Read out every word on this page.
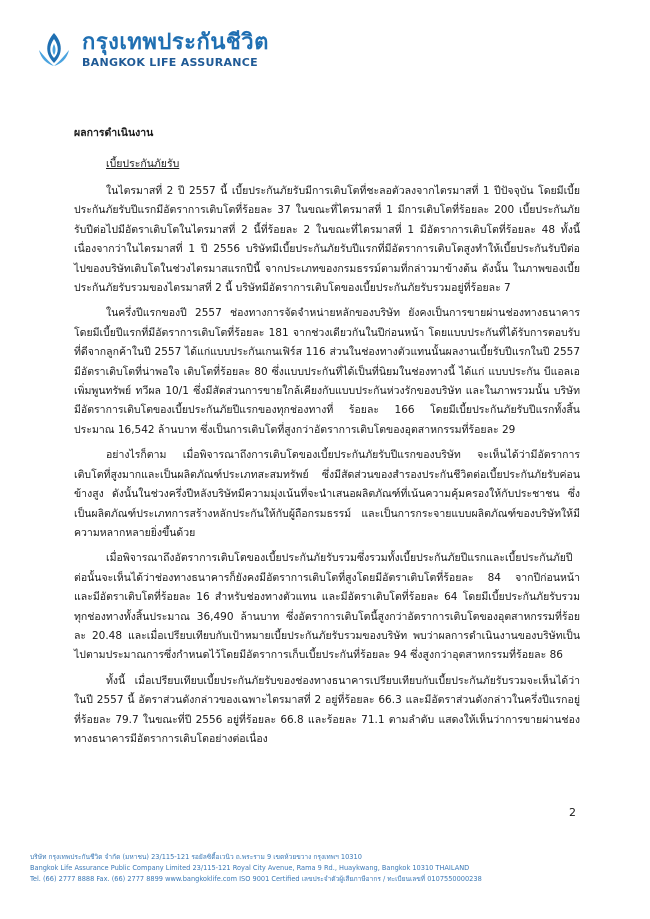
กรุงเทพประกันชีวิต
BANGKOK LIFE ASSURANCE
ผลการดำเนินงาน
เบี้ยประกันภัยรับ

ในไตรมาสที่ 2 ปี 2557 นี้ เบี้ยประกันภัยรับมีการเติบโตที่ชะลอตัวลงจากไตรมาสที่ 1 ปีปัจจุบัน โดยมีเบี้ยประกันภัยรับปีแรกมีอัตราการเติบโตที่ร้อยละ 37 ในขณะที่ไตรมาสที่ 1 มีการเติบโตที่ร้อยละ 200 เบี้ยประกันภัยรับปีต่อไปมีอัตราเติบโตในไตรมาสที่ 2 นี้ที่ร้อยละ 2 ในขณะที่ไตรมาสที่ 1 มีอัตราการเติบโตที่ร้อยละ 48 ทั้งนี้ เนื่องจากว่าในไตรมาสที่ 1 ปี 2556 บริษัทมีเบี้ยประกันภัยรับปีแรกที่มีอัตราการเติบโตสูงทำให้เบี้ยประกันรับปีต่อไปของบริษัทเติบโตในช่วงไตรมาสแรกปีนี้ จากประเภทของกรมธรรม์ตามที่กล่าวมาข้างต้น ดังนั้น ในภาพของเบี้ยประกันภัยรับรวมของไตรมาสที่ 2 นี้ บริษัทมีอัตราการเติบโตของเบี้ยประกันภัยรับรวมอยู่ที่ร้อยละ 7

ในครึ่งปีแรกของปี 2557 ช่องทางการจัดจำหน่ายหลักของบริษัท ยังคงเป็นการขายผ่านช่องทางธนาคารโดยมีเบี้ยปีแรกที่มีอัตราการเติบโตที่ร้อยละ 181 จากช่วงเดียวกันในปีก่อนหน้า โดยแบบประกันที่ได้รับการตอบรับที่ดีจากลูกค้าในปี 2557 ได้แก่แบบประกันเกนเฟิร์ส 116 ส่วนในช่องทางตัวแทนนั้นผลงานเบี้ยรับปีแรกในปี 2557 มีอัตราเติบโตที่น่าพอใจ เติบโตที่ร้อยละ 80 ซึ่งแบบประกันที่ได้เป็นที่นิยมในช่องทางนี้ ได้แก่ แบบประกัน บีแอลเอ เพิ่มพูนทรัพย์ ทวีผล 10/1 ซึ่งมีสัดส่วนการขายใกล้เคียงกับแบบประกันห่วงรักของบริษัท และในภาพรวมนั้น บริษัทมีอัตราการเติบโตของเบี้ยประกันภัยปีแรกของทุกช่องทางที่ ร้อยละ 166 โดยมีเบี้ยประกันภัยรับปีแรกทั้งสิ้นประมาณ 16,542 ล้านบาท ซึ่งเป็นการเติบโตที่สูงกว่าอัตราการเติบโตของอุตสาหกรรมที่ร้อยละ 29

อย่างไรก็ตาม เมื่อพิจารณาถึงการเติบโตของเบี้ยประกันภัยรับปีแรกของบริษัท จะเห็นได้ว่ามีอัตราการเติบโตที่สูงมากและเป็นผลิตภัณฑ์ประเภทสะสมทรัพย์ ซึ่งมีสัดส่วนของสำรองประกันชีวิตต่อเบี้ยประกันภัยรับค่อนข้างสูง ดังนั้นในช่วงครึ่งปีหลังบริษัทมีความมุ่งเน้นที่จะนำเสนอผลิตภัณฑ์ที่เน้นความคุ้มครองให้กับประชาชน ซึ่งเป็นผลิตภัณฑ์ประเภทการสร้างหลักประกันให้กับผู้ถือกรมธรรม์ และเป็นการกระจายแบบผลิตภัณฑ์ของบริษัทให้มีความหลากหลายยิ่งขึ้นด้วย

เมื่อพิจารณาถึงอัตราการเติบโตของเบี้ยประกันภัยรับรวมซึ่งรวมทั้งเบี้ยประกันภัยปีแรกและเบี้ยประกันภัยปีต่อนั้นจะเห็นได้ว่าช่องทางธนาคารก็ยังคงมีอัตราการเติบโตที่สูงโดยมีอัตราเติบโตที่ร้อยละ 84 จากปีก่อนหน้า และมีอัตราเติบโตที่ร้อยละ 16 สำหรับช่องทางตัวแทน และมีอัตราเติบโตที่ร้อยละ 64 โดยมีเบี้ยประกันภัยรับรวมทุกช่องทางทั้งสิ้นประมาณ 36,490 ล้านบาท ซึ่งอัตราการเติบโตนี้สูงกว่าอัตราการเติบโตของอุตสาหกรรมที่ร้อยละ 20.48 และเมื่อเปรียบเทียบกับเป้าหมายเบี้ยประกันภัยรับรวมของบริษัท พบว่าผลการดำเนินงานของบริษัทเป็นไปตามประมาณการซึ่งกำหนดไว้โดยมีอัตราการเก็บเบี้ยประกันที่ร้อยละ 94 ซึ่งสูงกว่าอุตสาหกรรมที่ร้อยละ 86

ทั้งนี้ เมื่อเปรียบเทียบเบี้ยประกันภัยรับของช่องทางธนาคารเปรียบเทียบกับเบี้ยประกันภัยรับรวมจะเห็นได้ว่าในปี 2557 นี้ อัตราส่วนดังกล่าวของเฉพาะไตรมาสที่ 2 อยู่ที่ร้อยละ 66.3 และมีอัตราส่วนดังกล่าวในครึ่งปีแรกอยู่ที่ร้อยละ 79.7 ในขณะที่ปี 2556 อยู่ที่ร้อยละ 66.8 และร้อยละ 71.1 ตามลำดับ แสดงให้เห็นว่าการขายผ่านช่องทางธนาคารมีอัตราการเติบโตอย่างต่อเนื่อง

2
บริษัท กรุงเทพประกันชีวิต จำกัด (มหาชน) 23/115-121 รอยัลซิตี้อเวนิว ถ.พระราม 9 เขตห้วยขวาง กรุงเทพฯ 10310
Bangkok Life Assurance Public Company Limited 23/115-121 Royal City Avenue, Rama 9 Rd., Huaykwang, Bangkok 10310 THAILAND
Tel. (66) 2777 8888 Fax. (66) 2777 8899 www.bangkoklife.com ISO 9001 Certified เลขประจำตัวผู้เสียภาษีอากร / ทะเบียนเลขที่ 0107550000238
